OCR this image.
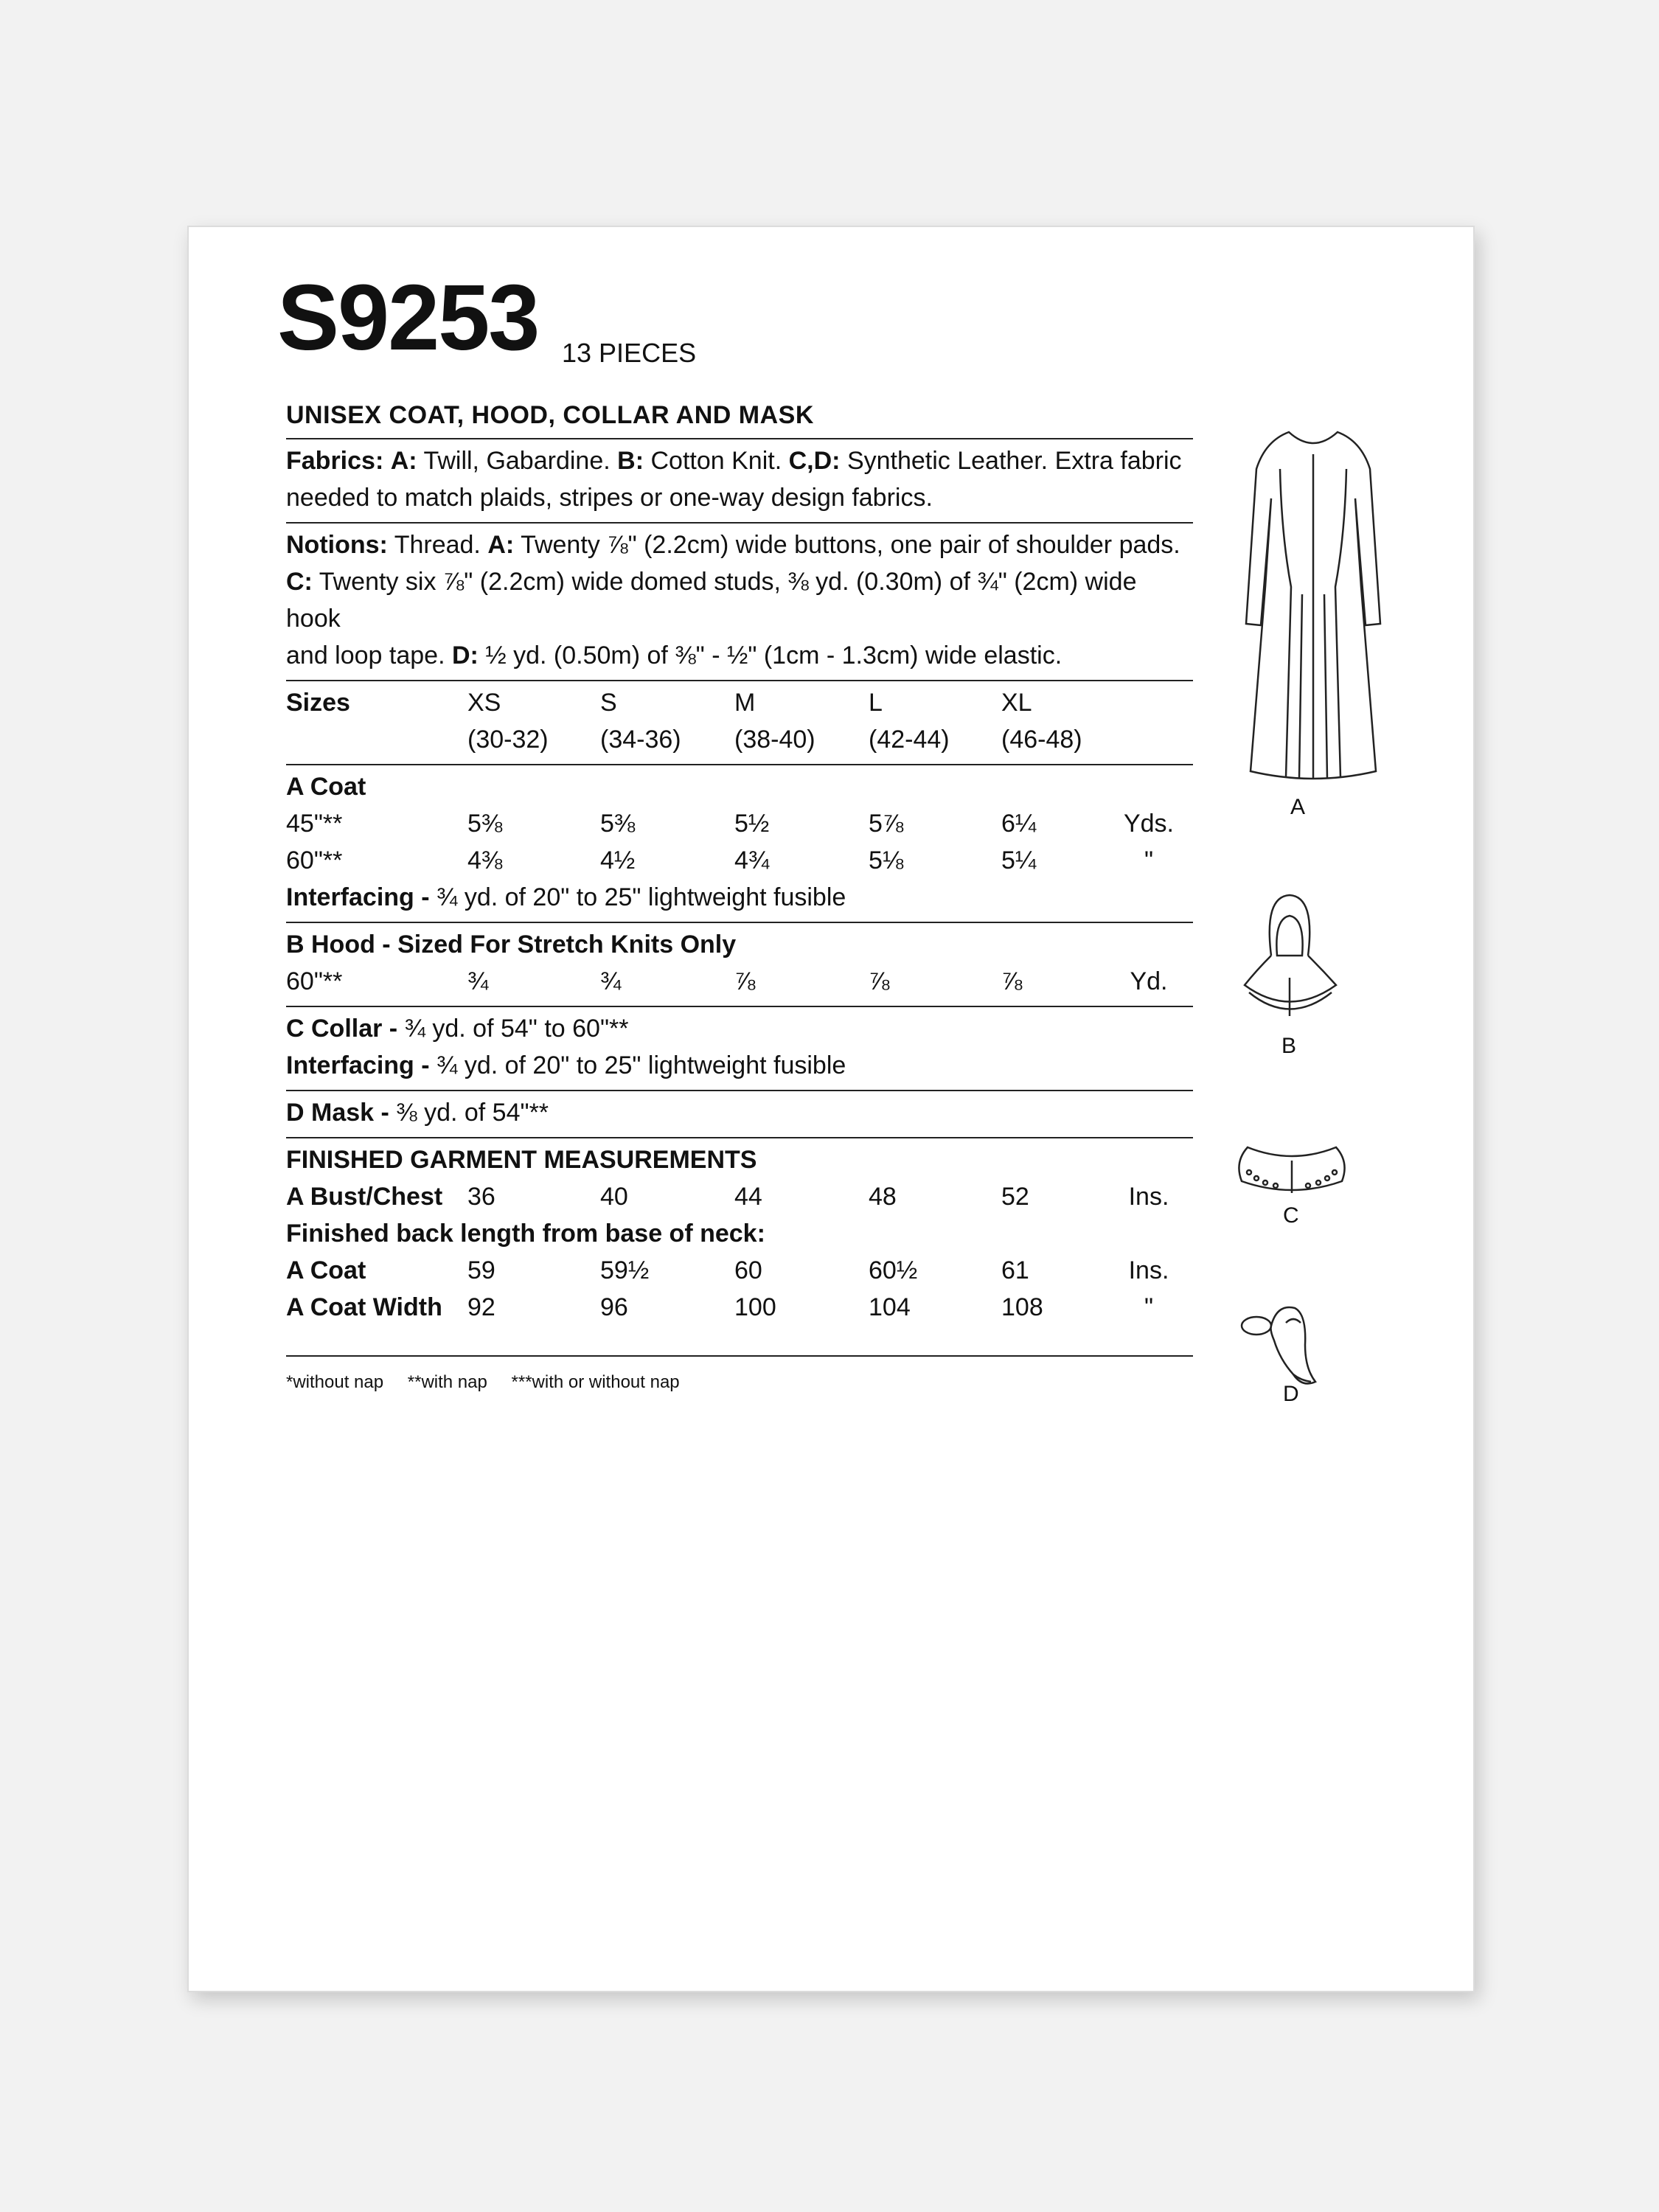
S9253 13 PIECES
UNISEX COAT, HOOD, COLLAR AND MASK
Fabrics: A: Twill, Gabardine. B: Cotton Knit. C,D: Synthetic Leather. Extra fabric
needed to match plaids, stripes or one-way design fabrics.
Notions: Thread. A: Twenty ⅞" (2.2cm) wide buttons, one pair of shoulder pads.
C: Twenty six ⅞" (2.2cm) wide domed studs, ⅜ yd. (0.30m) of ¾" (2cm) wide hook
and loop tape. D: ½ yd. (0.50m) of ⅜" - ½" (1cm - 1.3cm) wide elastic.
Sizes	XS	S	M	L	XL
(30-32)	(34-36)	(38-40)	(42-44)	(46-48)
A Coat
45"**	5⅜	5⅜	5½	5⅞	6¼	Yds.
60"**	4⅜	4½	4¾	5⅛	5¼	"
Interfacing -
¾ yd. of 20" to 25" lightweight fusible
B Hood - Sized For Stretch Knits Only
60"**	¾	¾	⅞	⅞	⅞	Yd.
C Collar -
¾ yd. of 54" to 60"**
Interfacing -
¾ yd. of 20" to 25" lightweight fusible
D Mask -
⅜ yd. of 54"**
FINISHED GARMENT MEASUREMENTS
A Bust/Chest 36	40	44	48	52	Ins.
Finished back length from base of neck:
A Coat	59	59½	60	60½	61	Ins.
A Coat Width	92	96	100	104	108	"
*without nap **with nap ***with or without nap
A
B
C
D
